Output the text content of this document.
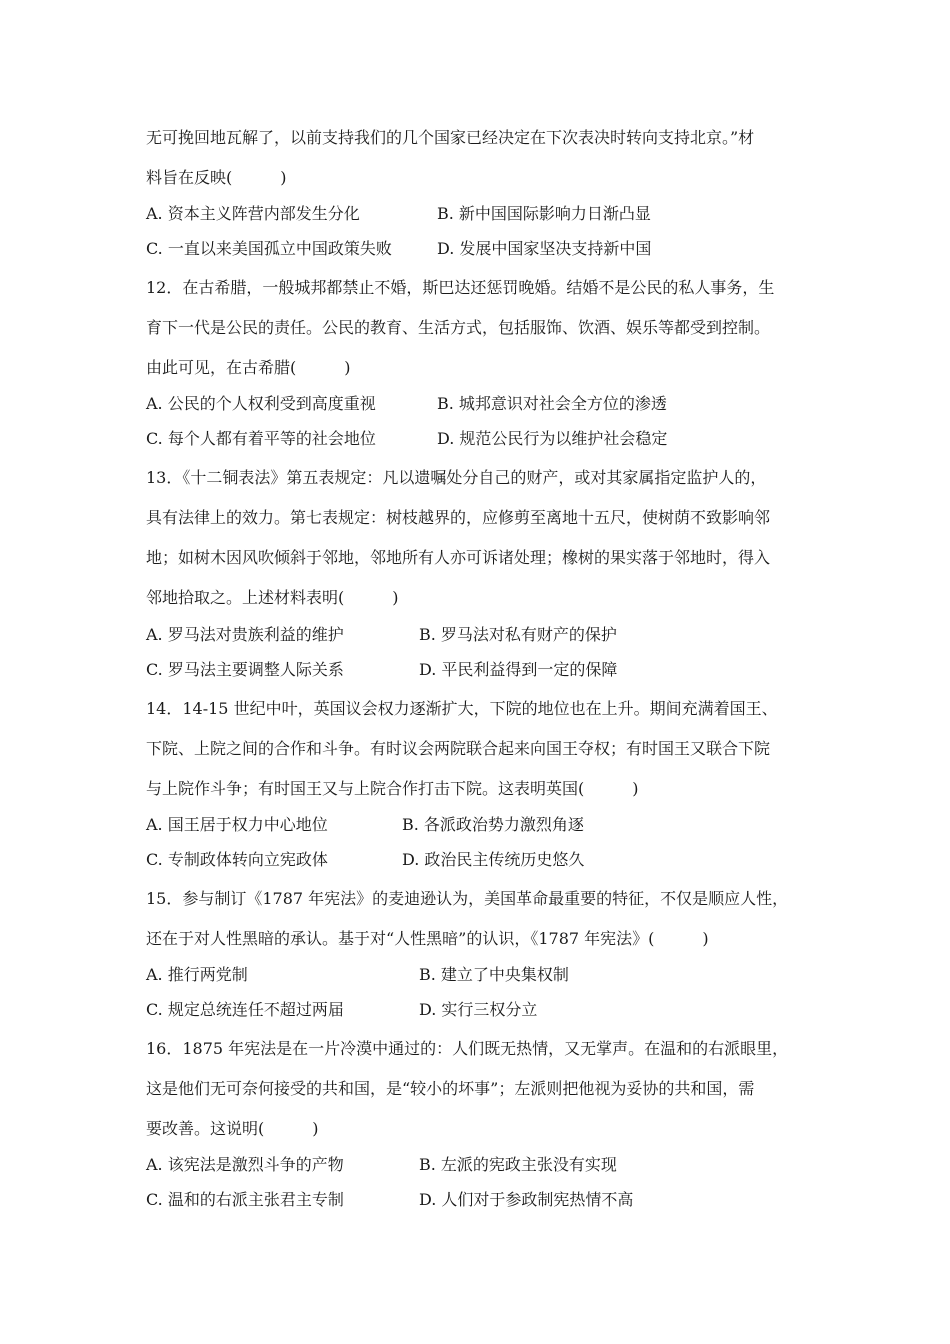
无可挽回地瓦解了，以前支持我们的几个国家已经决定在下次表决时转向支持北京。”材
料旨在反映(　　　)
A. 资本主义阵营内部发生分化	B. 新中国国际影响力日渐凸显
C. 一直以来美国孤立中国政策失败	D. 发展中国家坚决支持新中国
12．在古希腊，一般城邦都禁止不婚，斯巴达还惩罚晚婚。结婚不是公民的私人事务，生
育下一代是公民的责任。公民的教育、生活方式，包括服饰、饮酒、娱乐等都受到控制。
由此可见，在古希腊(　　　)
A. 公民的个人权利受到高度重视	B. 城邦意识对社会全方位的渗透
C. 每个人都有着平等的社会地位	D. 规范公民行为以维护社会稳定
13．《十二铜表法》第五表规定：凡以遗嘱处分自己的财产，或对其家属指定监护人的，
具有法律上的效力。第七表规定：树枝越界的，应修剪至离地十五尺，使树荫不致影响邻
地；如树木因风吹倾斜于邻地，邻地所有人亦可诉诸处理；橡树的果实落于邻地时，得入
邻地拾取之。上述材料表明(　　　)
A. 罗马法对贵族利益的维护	B. 罗马法对私有财产的保护
C. 罗马法主要调整人际关系	D. 平民利益得到一定的保障
14．14-15 世纪中叶，英国议会权力逐渐扩大，下院的地位也在上升。期间充满着国王、
下院、上院之间的合作和斗争。有时议会两院联合起来向国王夺权；有时国王又联合下院
与上院作斗争；有时国王又与上院合作打击下院。这表明英国(　　　)
A. 国王居于权力中心地位	B. 各派政治势力激烈角逐
C. 专制政体转向立宪政体	D. 政治民主传统历史悠久
15．参与制订《1787 年宪法》的麦迪逊认为，美国革命最重要的特征，不仅是顺应人性，
还在于对人性黑暗的承认。基于对“人性黑暗”的认识，《1787 年宪法》(　　　)
A. 推行两党制	B. 建立了中央集权制
C. 规定总统连任不超过两届	D. 实行三权分立
16．1875 年宪法是在一片冷漠中通过的：人们既无热情，又无掌声。在温和的右派眼里，
这是他们无可奈何接受的共和国，是“较小的坏事”；左派则把他视为妥协的共和国，需
要改善。这说明(　　　)
A. 该宪法是激烈斗争的产物	B. 左派的宪政主张没有实现
C. 温和的右派主张君主专制	D. 人们对于参政制宪热情不高
